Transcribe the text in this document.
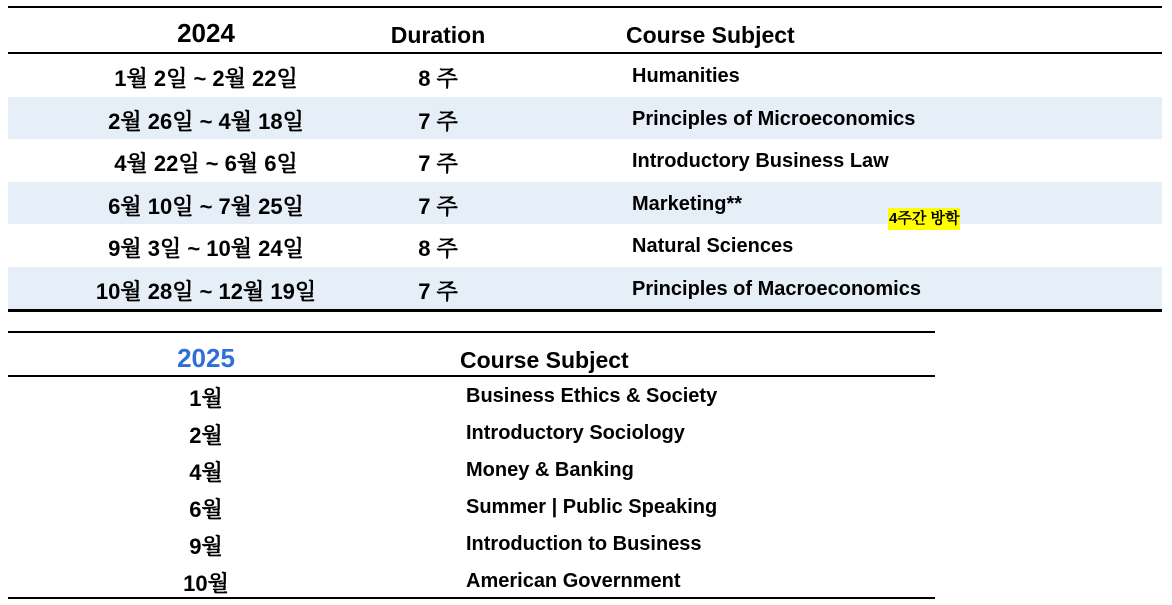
2024	Duration	Course Subject
1월 2일 ~ 2월 22일	8 주	Humanities
2월 26일 ~ 4월 18일	7 주	Principles of Microeconomics
4월 22일 ~ 6월 6일	7 주	Introductory Business Law
6월 10일 ~ 7월 25일	7 주	Marketing**
9월 3일 ~ 10월 24일	8 주	Natural Sciences
10월 28일 ~ 12월 19일	7 주	Principles of Macroeconomics
4주간 방학
2025	Course Subject
1월	Business Ethics & Society
2월	Introductory Sociology
4월	Money & Banking
6월	Summer | Public Speaking
9월	Introduction to Business
10월	American Government
